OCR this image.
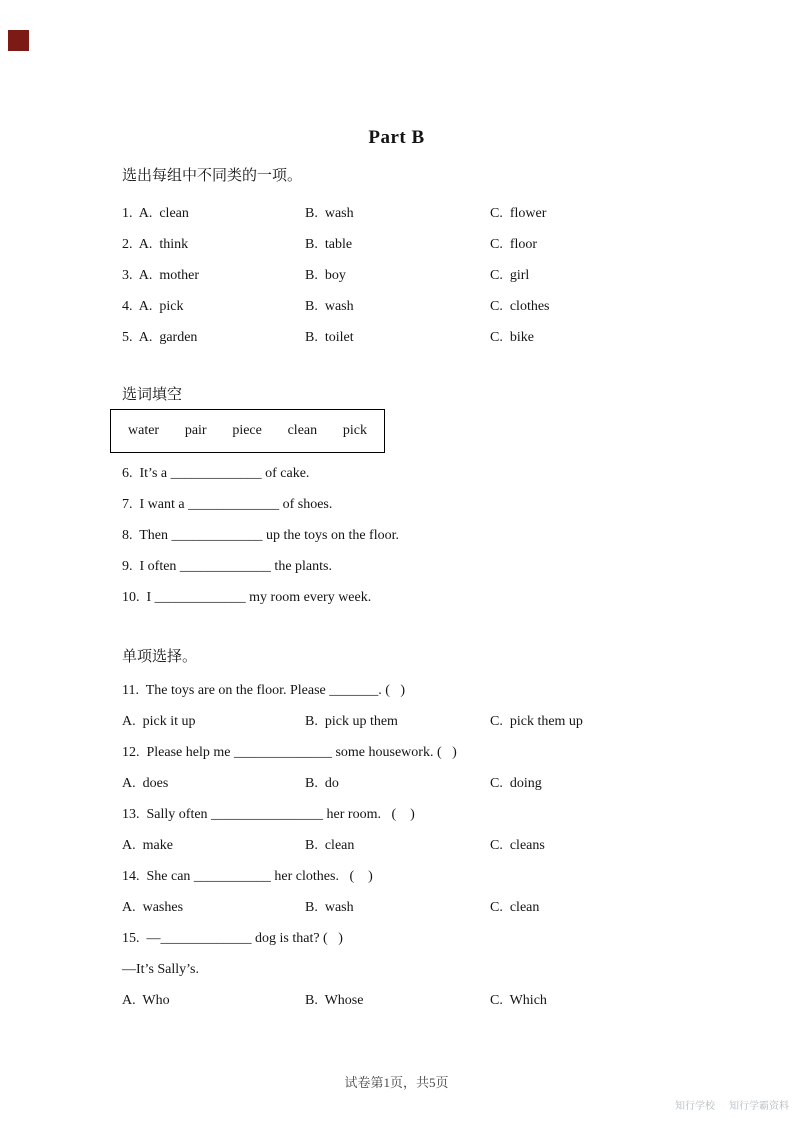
Part B
选出每组中不同类的一项。
1.  A.  clean	B.  wash	C.  flower
2.  A.  think	B.  table	C.  floor
3.  A.  mother	B.  boy	C.  girl
4.  A.  pick	B.  wash	C.  clothes
5.  A.  garden	B.  toilet	C.  bike
选词填空
water pair piece clean pick
6.  It’s a _____________ of cake.
7.  I want a _____________ of shoes.
8.  Then _____________ up the toys on the floor.
9.  I often _____________ the plants.
10.  I _____________ my room every week.
单项选择。
11.  The toys are on the floor. Please _______. (   )
A.  pick it up	B.  pick up them	C.  pick them up
12.  Please help me ______________ some housework. (   )
A.  does	B.  do	C.  doing
13.  Sally often ________________ her room.   (    )
A.  make	B.  clean	C.  cleans
14.  She can ___________ her clothes.   (    )
A.  washes	B.  wash	C.  clean
15.  —_____________ dog is that? (   )
—It’s Sally’s.
A.  Who	B.  Whose	C.  Which
试卷第1页，共5页
知行学校 知行学霸资料
